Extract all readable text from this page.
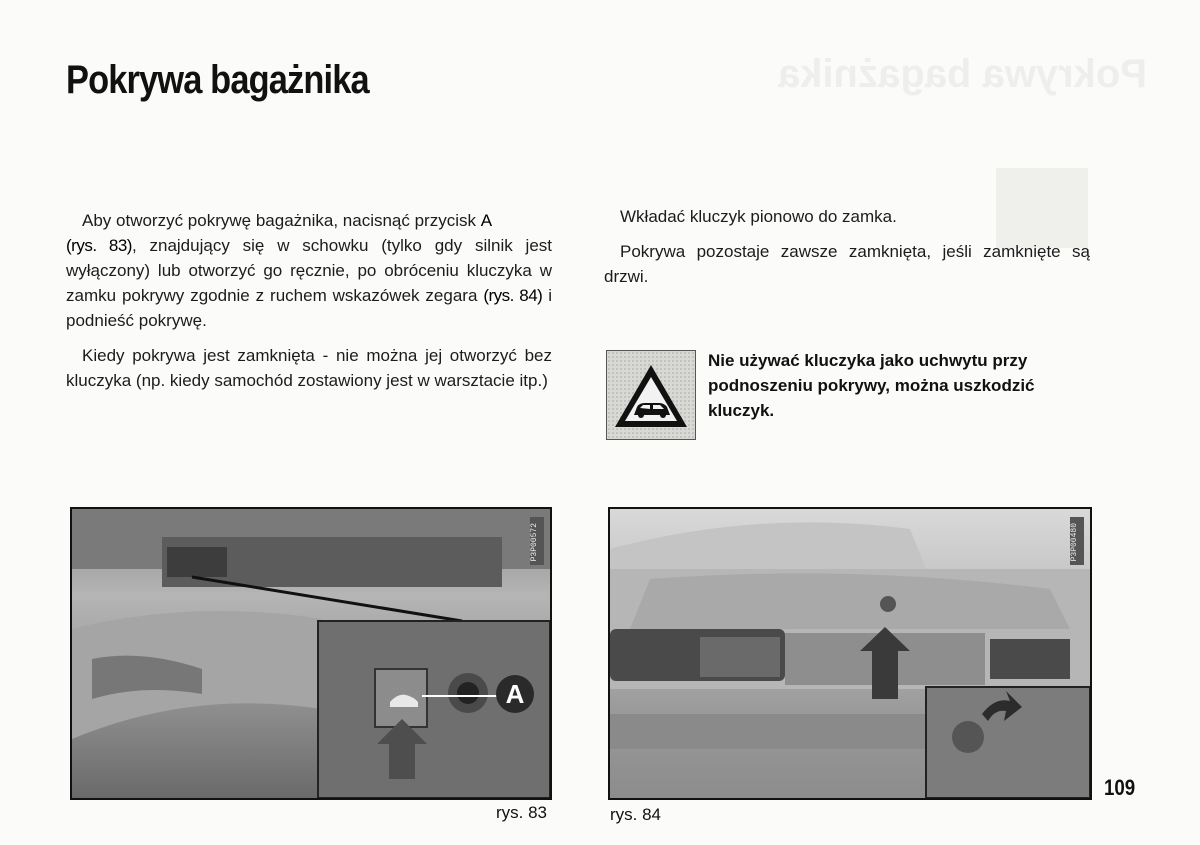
Pokrywa bagażnika
Pokrywa bagażnika

Aby otworzyć pokrywę bagażnika, nacisnąć przycisk A
(rys. 83), znajdujący się w schowku (tylko gdy silnik jest wyłączony) lub otworzyć go ręcznie, po obróceniu kluczyka w zamku pokrywy zgodnie z ruchem wskazówek zegara (rys. 84) i podnieść pokrywę.

Kiedy pokrywa jest zamknięta - nie można jej otworzyć bez kluczyka (np. kiedy samochód zostawiony jest w warsztacie itp.)

Wkładać kluczyk pionowo do zamka.

Pokrywa pozostaje zawsze zamknięta, jeśli zamknięte są drzwi.

Nie używać kluczyka jako uchwytu przy podnoszeniu pokrywy, można uszkodzić kluczyk.
P3P00572
A
P3P00480
rys. 83	rys. 84
109
